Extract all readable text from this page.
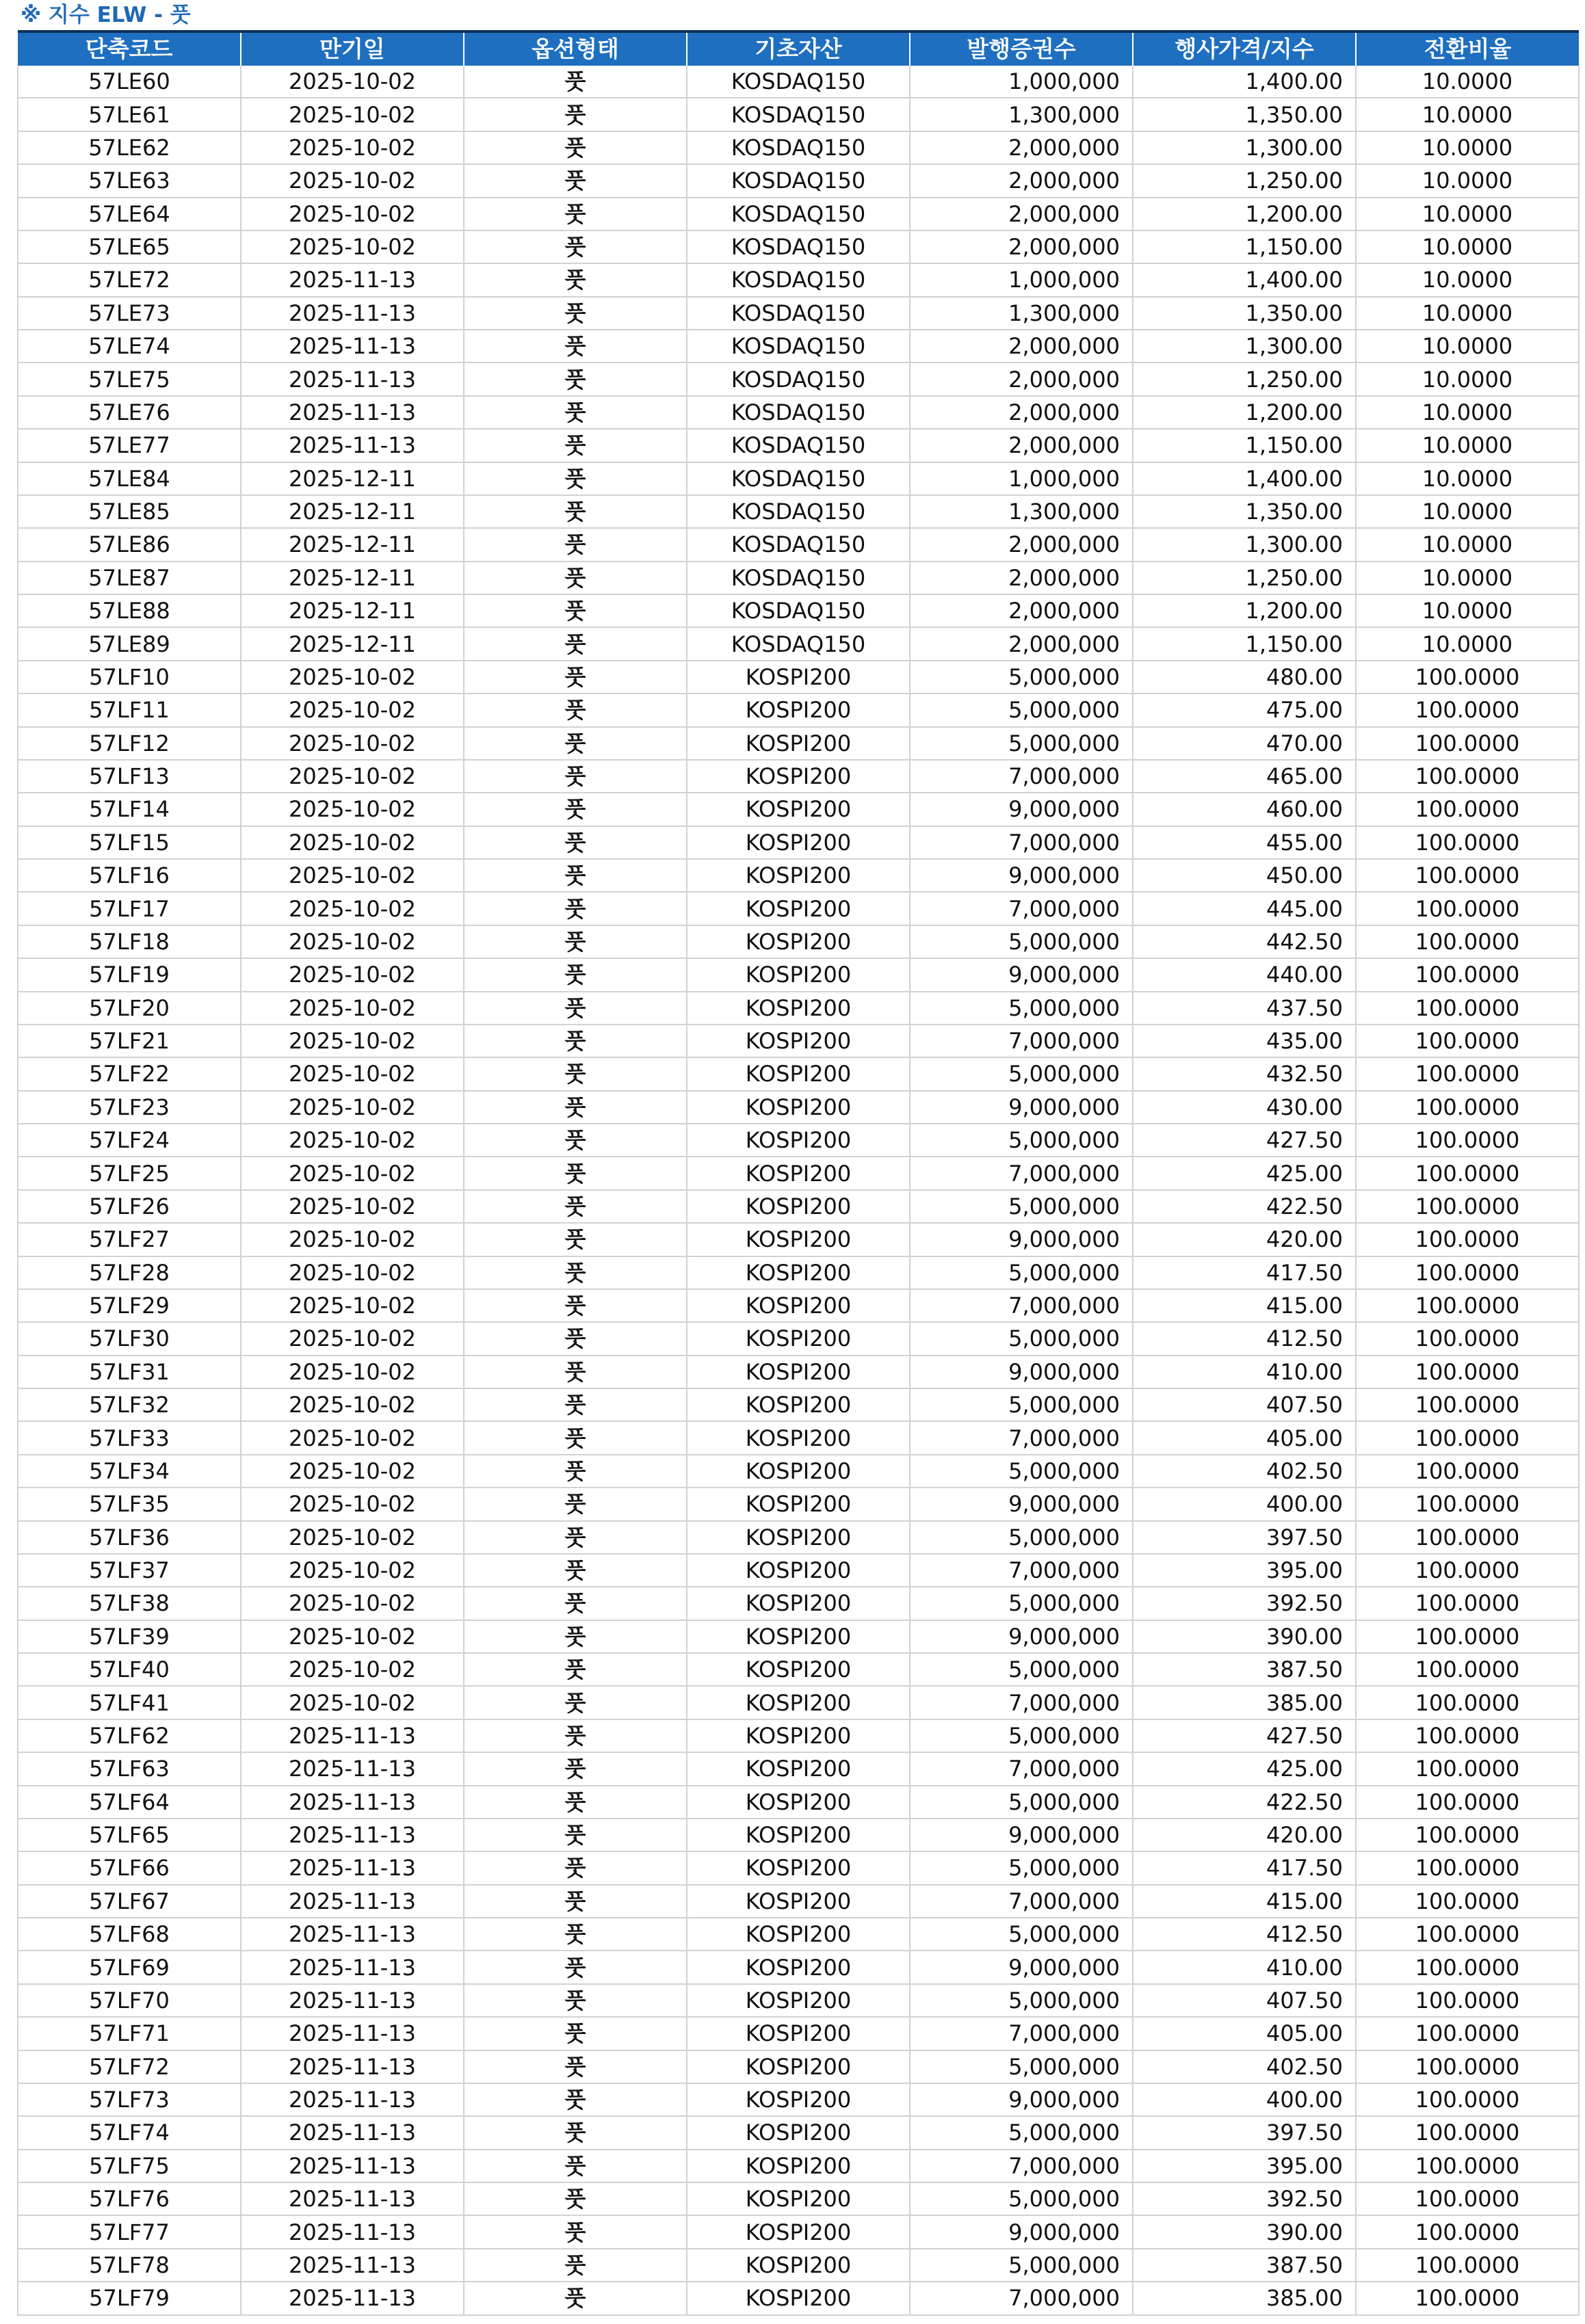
※ 지수 ELW - 풋
단축코드	만기일	옵션형태	기초자산	발행증권수	행사가격/지수	전환비율
57LE60	2025-10-02	풋	KOSDAQ150	1,000,000	1,400.00	10.0000
57LE61	2025-10-02	풋	KOSDAQ150	1,300,000	1,350.00	10.0000
57LE62	2025-10-02	풋	KOSDAQ150	2,000,000	1,300.00	10.0000
57LE63	2025-10-02	풋	KOSDAQ150	2,000,000	1,250.00	10.0000
57LE64	2025-10-02	풋	KOSDAQ150	2,000,000	1,200.00	10.0000
57LE65	2025-10-02	풋	KOSDAQ150	2,000,000	1,150.00	10.0000
57LE72	2025-11-13	풋	KOSDAQ150	1,000,000	1,400.00	10.0000
57LE73	2025-11-13	풋	KOSDAQ150	1,300,000	1,350.00	10.0000
57LE74	2025-11-13	풋	KOSDAQ150	2,000,000	1,300.00	10.0000
57LE75	2025-11-13	풋	KOSDAQ150	2,000,000	1,250.00	10.0000
57LE76	2025-11-13	풋	KOSDAQ150	2,000,000	1,200.00	10.0000
57LE77	2025-11-13	풋	KOSDAQ150	2,000,000	1,150.00	10.0000
57LE84	2025-12-11	풋	KOSDAQ150	1,000,000	1,400.00	10.0000
57LE85	2025-12-11	풋	KOSDAQ150	1,300,000	1,350.00	10.0000
57LE86	2025-12-11	풋	KOSDAQ150	2,000,000	1,300.00	10.0000
57LE87	2025-12-11	풋	KOSDAQ150	2,000,000	1,250.00	10.0000
57LE88	2025-12-11	풋	KOSDAQ150	2,000,000	1,200.00	10.0000
57LE89	2025-12-11	풋	KOSDAQ150	2,000,000	1,150.00	10.0000
57LF10	2025-10-02	풋	KOSPI200	5,000,000	480.00	100.0000
57LF11	2025-10-02	풋	KOSPI200	5,000,000	475.00	100.0000
57LF12	2025-10-02	풋	KOSPI200	5,000,000	470.00	100.0000
57LF13	2025-10-02	풋	KOSPI200	7,000,000	465.00	100.0000
57LF14	2025-10-02	풋	KOSPI200	9,000,000	460.00	100.0000
57LF15	2025-10-02	풋	KOSPI200	7,000,000	455.00	100.0000
57LF16	2025-10-02	풋	KOSPI200	9,000,000	450.00	100.0000
57LF17	2025-10-02	풋	KOSPI200	7,000,000	445.00	100.0000
57LF18	2025-10-02	풋	KOSPI200	5,000,000	442.50	100.0000
57LF19	2025-10-02	풋	KOSPI200	9,000,000	440.00	100.0000
57LF20	2025-10-02	풋	KOSPI200	5,000,000	437.50	100.0000
57LF21	2025-10-02	풋	KOSPI200	7,000,000	435.00	100.0000
57LF22	2025-10-02	풋	KOSPI200	5,000,000	432.50	100.0000
57LF23	2025-10-02	풋	KOSPI200	9,000,000	430.00	100.0000
57LF24	2025-10-02	풋	KOSPI200	5,000,000	427.50	100.0000
57LF25	2025-10-02	풋	KOSPI200	7,000,000	425.00	100.0000
57LF26	2025-10-02	풋	KOSPI200	5,000,000	422.50	100.0000
57LF27	2025-10-02	풋	KOSPI200	9,000,000	420.00	100.0000
57LF28	2025-10-02	풋	KOSPI200	5,000,000	417.50	100.0000
57LF29	2025-10-02	풋	KOSPI200	7,000,000	415.00	100.0000
57LF30	2025-10-02	풋	KOSPI200	5,000,000	412.50	100.0000
57LF31	2025-10-02	풋	KOSPI200	9,000,000	410.00	100.0000
57LF32	2025-10-02	풋	KOSPI200	5,000,000	407.50	100.0000
57LF33	2025-10-02	풋	KOSPI200	7,000,000	405.00	100.0000
57LF34	2025-10-02	풋	KOSPI200	5,000,000	402.50	100.0000
57LF35	2025-10-02	풋	KOSPI200	9,000,000	400.00	100.0000
57LF36	2025-10-02	풋	KOSPI200	5,000,000	397.50	100.0000
57LF37	2025-10-02	풋	KOSPI200	7,000,000	395.00	100.0000
57LF38	2025-10-02	풋	KOSPI200	5,000,000	392.50	100.0000
57LF39	2025-10-02	풋	KOSPI200	9,000,000	390.00	100.0000
57LF40	2025-10-02	풋	KOSPI200	5,000,000	387.50	100.0000
57LF41	2025-10-02	풋	KOSPI200	7,000,000	385.00	100.0000
57LF62	2025-11-13	풋	KOSPI200	5,000,000	427.50	100.0000
57LF63	2025-11-13	풋	KOSPI200	7,000,000	425.00	100.0000
57LF64	2025-11-13	풋	KOSPI200	5,000,000	422.50	100.0000
57LF65	2025-11-13	풋	KOSPI200	9,000,000	420.00	100.0000
57LF66	2025-11-13	풋	KOSPI200	5,000,000	417.50	100.0000
57LF67	2025-11-13	풋	KOSPI200	7,000,000	415.00	100.0000
57LF68	2025-11-13	풋	KOSPI200	5,000,000	412.50	100.0000
57LF69	2025-11-13	풋	KOSPI200	9,000,000	410.00	100.0000
57LF70	2025-11-13	풋	KOSPI200	5,000,000	407.50	100.0000
57LF71	2025-11-13	풋	KOSPI200	7,000,000	405.00	100.0000
57LF72	2025-11-13	풋	KOSPI200	5,000,000	402.50	100.0000
57LF73	2025-11-13	풋	KOSPI200	9,000,000	400.00	100.0000
57LF74	2025-11-13	풋	KOSPI200	5,000,000	397.50	100.0000
57LF75	2025-11-13	풋	KOSPI200	7,000,000	395.00	100.0000
57LF76	2025-11-13	풋	KOSPI200	5,000,000	392.50	100.0000
57LF77	2025-11-13	풋	KOSPI200	9,000,000	390.00	100.0000
57LF78	2025-11-13	풋	KOSPI200	5,000,000	387.50	100.0000
57LF79	2025-11-13	풋	KOSPI200	7,000,000	385.00	100.0000
